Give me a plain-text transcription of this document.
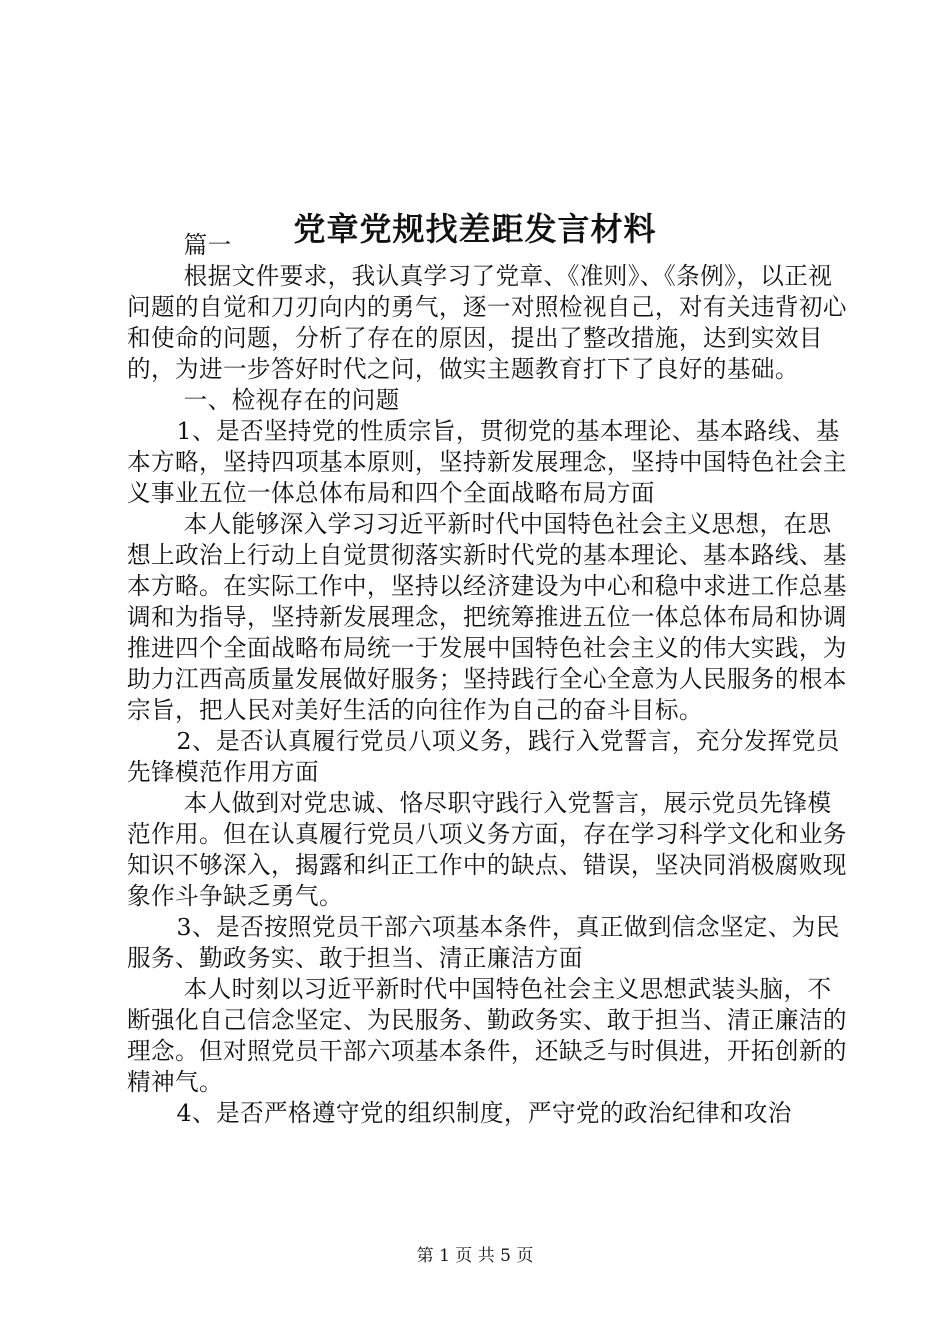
党章党规找差距发言材料

篇一

根据文件要求，我认真学习了党章、《准则》、《条例》，以正视问题的自觉和刀刃向内的勇气，逐一对照检视自己，对有关违背初心和使命的问题，分析了存在的原因，提出了整改措施，达到实效目的，为进一步答好时代之问，做实主题教育打下了良好的基础。

一、检视存在的问题

1、是否坚持党的性质宗旨，贯彻党的基本理论、基本路线、基本方略，坚持四项基本原则，坚持新发展理念，坚持中国特色社会主义事业五位一体总体布局和四个全面战略布局方面

本人能够深入学习习近平新时代中国特色社会主义思想，在思想上政治上行动上自觉贯彻落实新时代党的基本理论、基本路线、基本方略。在实际工作中，坚持以经济建设为中心和稳中求进工作总基调和为指导，坚持新发展理念，把统筹推进五位一体总体布局和协调推进四个全面战略布局统一于发展中国特色社会主义的伟大实践，为助力江西高质量发展做好服务；坚持践行全心全意为人民服务的根本宗旨，把人民对美好生活的向往作为自己的奋斗目标。

2、是否认真履行党员八项义务，践行入党誓言，充分发挥党员先锋模范作用方面

本人做到对党忠诚、恪尽职守践行入党誓言，展示党员先锋模范作用。但在认真履行党员八项义务方面，存在学习科学文化和业务知识不够深入，揭露和纠正工作中的缺点、错误，坚决同消极腐败现象作斗争缺乏勇气。

3、是否按照党员干部六项基本条件，真正做到信念坚定、为民服务、勤政务实、敢于担当、清正廉洁方面

本人时刻以习近平新时代中国特色社会主义思想武装头脑，不断强化自己信念坚定、为民服务、勤政务实、敢于担当、清正廉洁的理念。但对照党员干部六项基本条件，还缺乏与时俱进，开拓创新的精神气。

4、是否严格遵守党的组织制度，严守党的政治纪律和攻治

第 1 页 共 5 页
